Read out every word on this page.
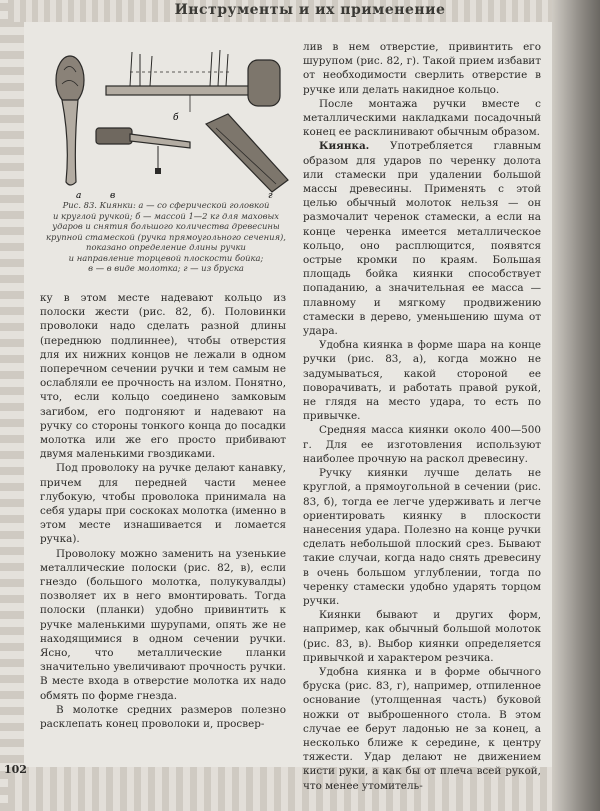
Инструменты и их применение
а	в
б
г
Рис. 83. Киянки: а — со сферической головкой
и круглой ручкой; б — массой 1—2 кг для маховых
ударов и снятия большого количества древесины
крупной стамеской (ручка прямоугольного сечения),
показано определение длины ручки
и направление торцевой плоскости бойка;
в — в виде молотка; г — из бруска

ку в этом месте надевают кольцо из полоски жести (рис. 82, б). Половинки проволоки надо сделать разной длины (переднюю подлиннее), чтобы отверстия для их нижних концов не лежали в одном поперечном сечении ручки и тем самым не ослабляли ее прочность на излом. Понятно, что, если кольцо соединено замковым загибом, его подгоняют и надевают на ручку со стороны тонкого конца до посадки молотка или же его просто прибивают двумя маленькими гвоздиками.

Под проволоку на ручке делают канавку, причем для передней части менее глубокую, чтобы проволока принимала на себя удары при соскоках молотка (именно в этом месте изнашивается и ломается ручка).

Проволоку можно заменить на узенькие металлические полоски (рис. 82, в), если гнездо (большого молотка, полукувалды) позволяет их в него вмонтировать. Тогда полоски (планки) удобно привинтить к ручке маленькими шурупами, опять же не находящимися в одном сечении ручки. Ясно, что металлические планки значительно увеличивают прочность ручки. В месте входа в отверстие молотка их надо обмять по форме гнезда.

В молотке средних размеров полезно расклепать конец проволоки и, просвер-

лив в нем отверстие, привинтить его шурупом (рис. 82, г). Такой прием избавит от необходимости сверлить отверстие в ручке или делать накидное кольцо.

После монтажа ручки вместе с металлическими накладками посадочный конец ее расклинивают обычным образом.

Киянка. Употребляется главным образом для ударов по черенку долота или стамески при удалении большой массы древесины. Применять с этой целью обычный молоток нельзя — он размочалит черенок стамески, а если на конце черенка имеется металлическое кольцо, оно расплющится, появятся острые кромки по краям. Большая площадь бойка киянки способствует попаданию, а значительная ее масса — плавному и мягкому продвижению стамески в дерево, уменьшению шума от удара.

Удобна киянка в форме шара на конце ручки (рис. 83, а), когда можно не задумываться, какой стороной ее поворачивать, и работать правой рукой, не глядя на место удара, то есть по привычке.

Средняя масса киянки около 400—500 г. Для ее изготовления используют наиболее прочную на раскол древесину.

Ручку киянки лучше делать не круглой, а прямоугольной в сечении (рис. 83, б), тогда ее легче удерживать и легче ориентировать киянку в плоскости нанесения удара. Полезно на конце ручки сделать небольшой плоский срез. Бывают такие случаи, когда надо снять древесину в очень большом углублении, тогда по черенку стамески удобно ударять торцом ручки.

Киянки бывают и других форм, например, как обычный большой молоток (рис. 83, в). Выбор киянки определяется привычкой и характером резчика.

Удобна киянка и в форме обычного бруска (рис. 83, г), например, отпиленное основание (утолщенная часть) буковой ножки от выброшенного стола. В этом случае ее берут ладонью не за конец, а несколько ближе к середине, к центру тяжести. Удар делают не движением кисти руки, а как бы от плеча всей рукой, что менее утомитель-

102
